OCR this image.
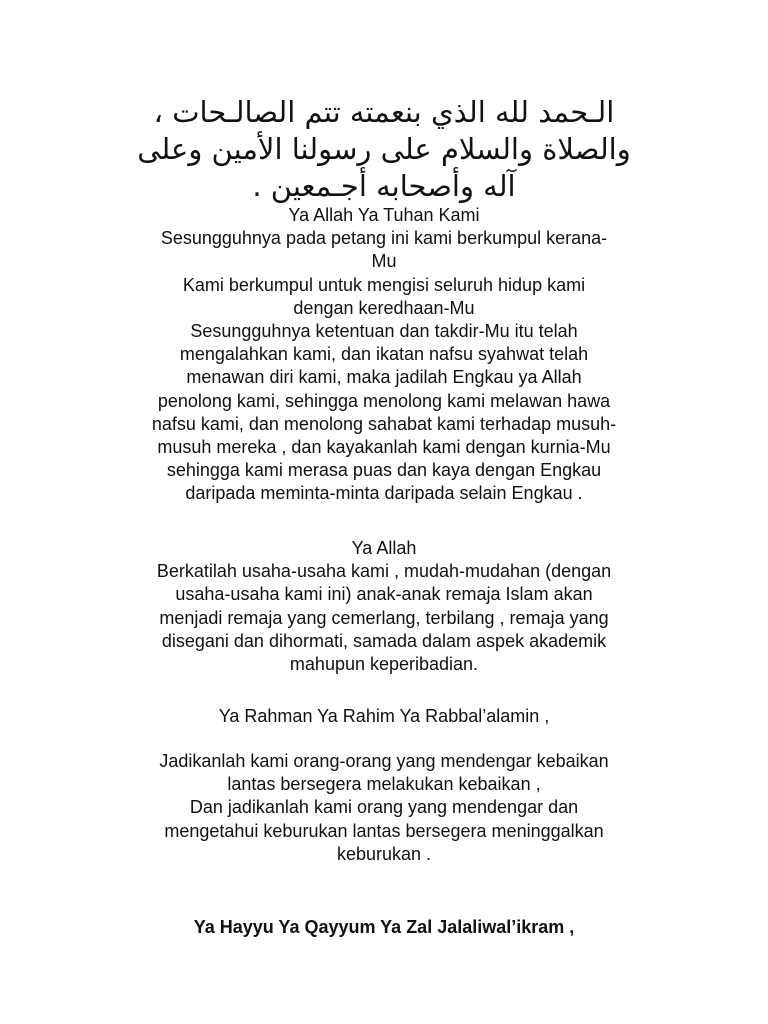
الـحمد لله الذي بنعمته تتم الصالـحات ،
والصلاة والسلام على رسولنا الأمين وعلى
آله وأصحابه أجـمعين .
Ya Allah Ya Tuhan Kami
Sesungguhnya pada petang ini kami berkumpul kerana-
Mu
Kami berkumpul untuk mengisi seluruh hidup kami
dengan keredhaan-Mu
Sesungguhnya ketentuan dan takdir-Mu itu telah
mengalahkan kami, dan ikatan nafsu syahwat telah
menawan diri kami, maka jadilah Engkau ya Allah
penolong kami, sehingga menolong kami melawan hawa
nafsu kami, dan menolong sahabat kami terhadap musuh-
musuh mereka , dan kayakanlah kami dengan kurnia-Mu
sehingga kami merasa puas dan kaya dengan Engkau
daripada meminta-minta daripada selain Engkau .
Ya Allah
Berkatilah usaha-usaha kami , mudah-mudahan (dengan
usaha-usaha kami ini) anak-anak remaja Islam akan
menjadi remaja yang cemerlang, terbilang , remaja yang
disegani dan dihormati, samada dalam aspek akademik
mahupun keperibadian.
Ya Rahman Ya Rahim Ya Rabbal’alamin ,
Jadikanlah kami orang-orang yang mendengar kebaikan
lantas bersegera melakukan kebaikan ,
Dan jadikanlah kami orang yang mendengar dan
mengetahui keburukan lantas bersegera meninggalkan
keburukan .
Ya Hayyu Ya Qayyum Ya Zal Jalaliwal’ikram ,
